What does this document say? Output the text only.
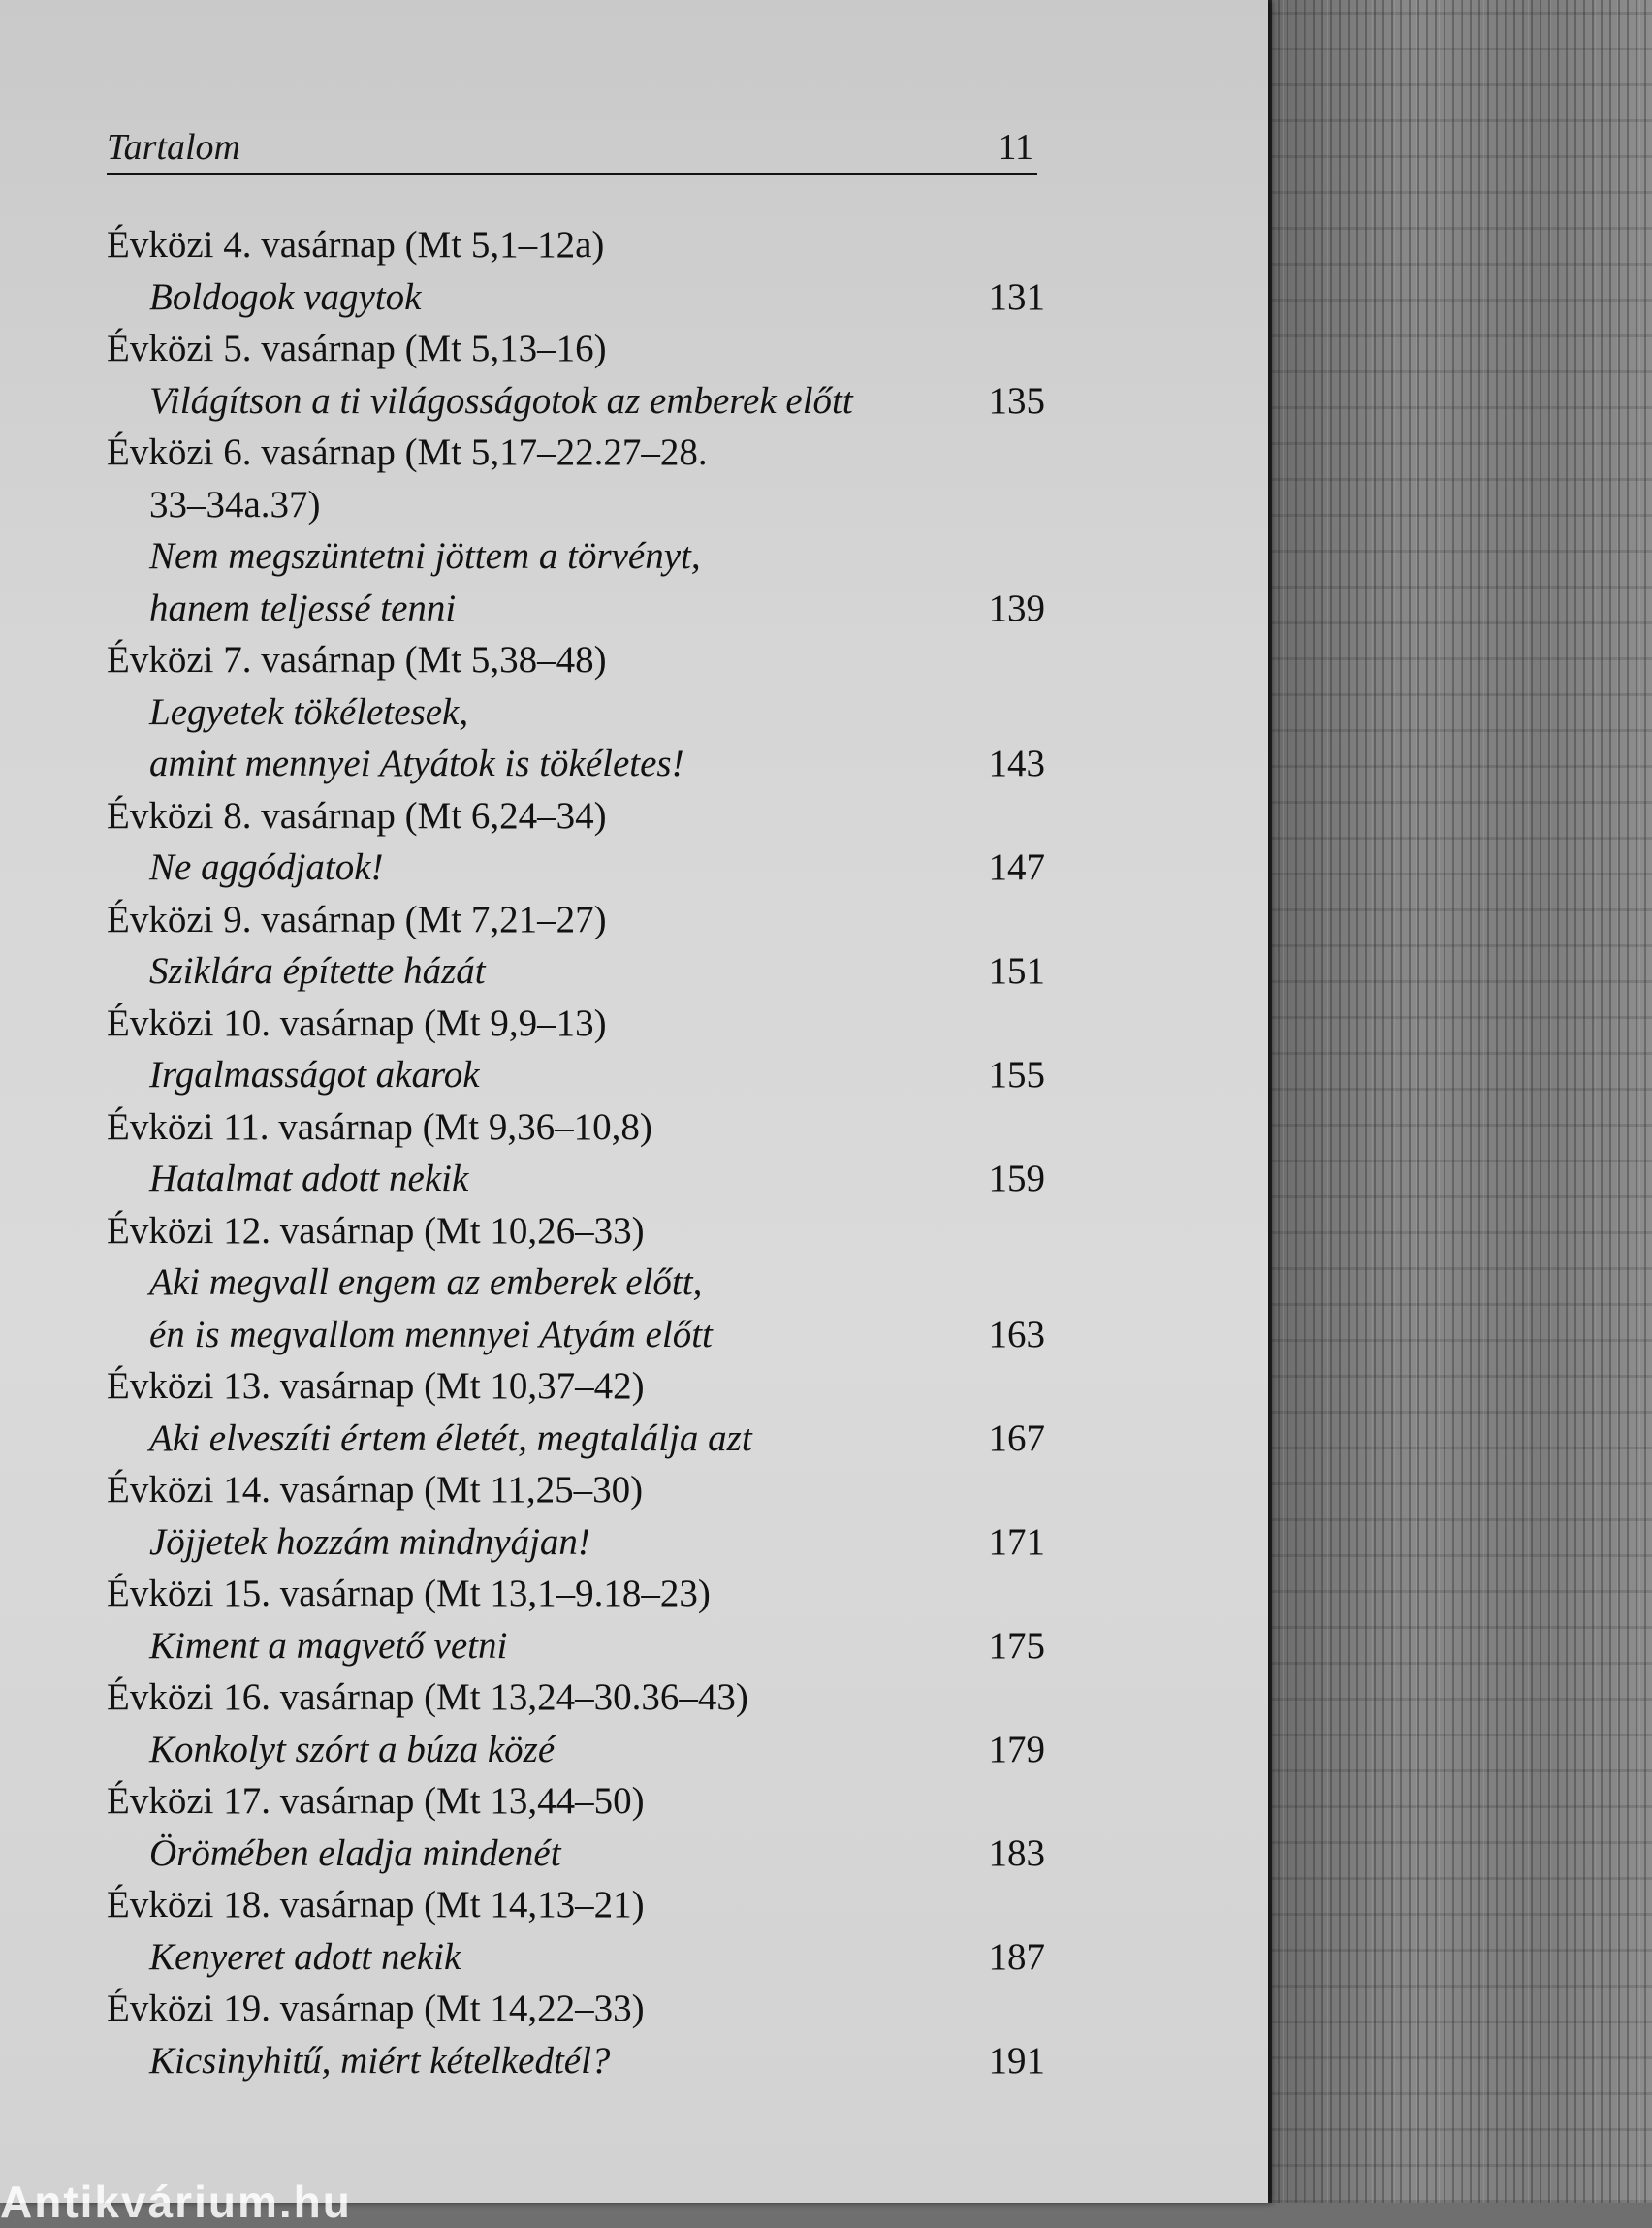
Tartalom	11
Évközi 4. vasárnap (Mt 5,1–12a)
Boldogok vagytok	131
Évközi 5. vasárnap (Mt 5,13–16)
Világítson a ti világosságotok az emberek előtt	135
Évközi 6. vasárnap (Mt 5,17–22.27–28.
33–34a.37)
Nem megszüntetni jöttem a törvényt,
hanem teljessé tenni	139
Évközi 7. vasárnap (Mt 5,38–48)
Legyetek tökéletesek,
amint mennyei Atyátok is tökéletes!	143
Évközi 8. vasárnap (Mt 6,24–34)
Ne aggódjatok!	147
Évközi 9. vasárnap (Mt 7,21–27)
Sziklára építette házát	151
Évközi 10. vasárnap (Mt 9,9–13)
Irgalmasságot akarok	155
Évközi 11. vasárnap (Mt 9,36–10,8)
Hatalmat adott nekik	159
Évközi 12. vasárnap (Mt 10,26–33)
Aki megvall engem az emberek előtt,
én is megvallom mennyei Atyám előtt	163
Évközi 13. vasárnap (Mt 10,37–42)
Aki elveszíti értem életét, megtalálja azt	167
Évközi 14. vasárnap (Mt 11,25–30)
Jöjjetek hozzám mindnyájan!	171
Évközi 15. vasárnap (Mt 13,1–9.18–23)
Kiment a magvető vetni	175
Évközi 16. vasárnap (Mt 13,24–30.36–43)
Konkolyt szórt a búza közé	179
Évközi 17. vasárnap (Mt 13,44–50)
Örömében eladja mindenét	183
Évközi 18. vasárnap (Mt 14,13–21)
Kenyeret adott nekik	187
Évközi 19. vasárnap (Mt 14,22–33)
Kicsinyhitű, miért kételkedtél?	191
Antikvárium.hu
